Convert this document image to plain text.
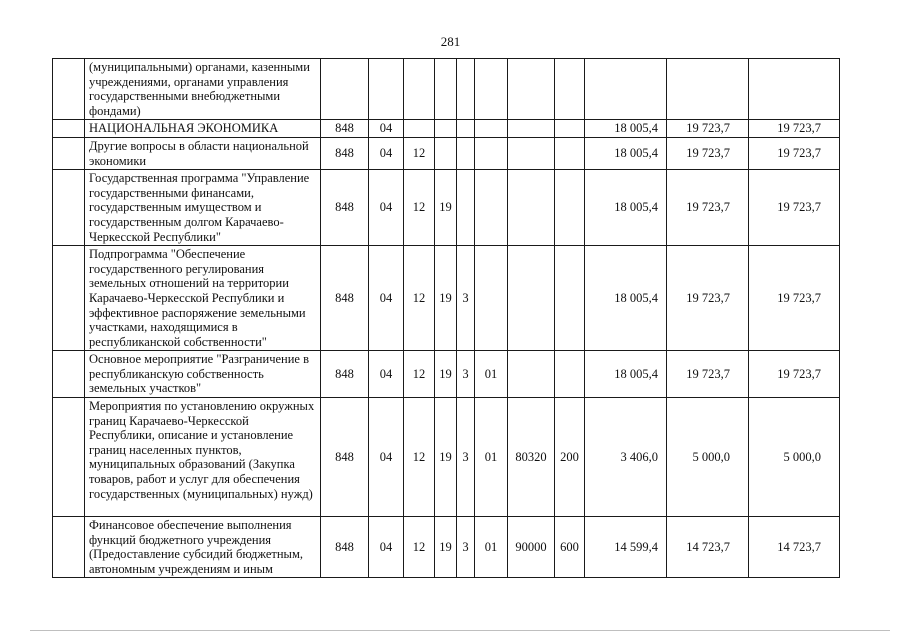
281
	(муниципальными) органами, казенными учреждениями, органами управления государственными внебюджетными фондами)											
	НАЦИОНАЛЬНАЯ ЭКОНОМИКА	848	04							18 005,4	19 723,7	19 723,7
	Другие вопросы в области национальной экономики	848	04	12						18 005,4	19 723,7	19 723,7
	Государственная программа "Управление государственными финансами, государственным имуществом и государственным долгом Карачаево-Черкесской Республики"	848	04	12	19					18 005,4	19 723,7	19 723,7
	Подпрограмма "Обеспечение государственного регулирования земельных отношений на территории Карачаево-Черкесской Республики и эффективное распоряжение земельными участками, находящимися в республиканской собственности"	848	04	12	19	3				18 005,4	19 723,7	19 723,7
	Основное мероприятие "Разграничение в республиканскую собственность земельных участков"	848	04	12	19	3	01			18 005,4	19 723,7	19 723,7
	Мероприятия по установлению окружных границ Карачаево-Черкесской Республики, описание и установление границ населенных пунктов, муниципальных образований (Закупка товаров, работ и услуг для обеспечения государственных (муниципальных) нужд)	848	04	12	19	3	01	80320	200	3 406,0	5 000,0	5 000,0
	Финансовое обеспечение выполнения функций бюджетного учреждения (Предоставление субсидий бюджетным, автономным учреждениям и иным	848	04	12	19	3	01	90000	600	14 599,4	14 723,7	14 723,7
